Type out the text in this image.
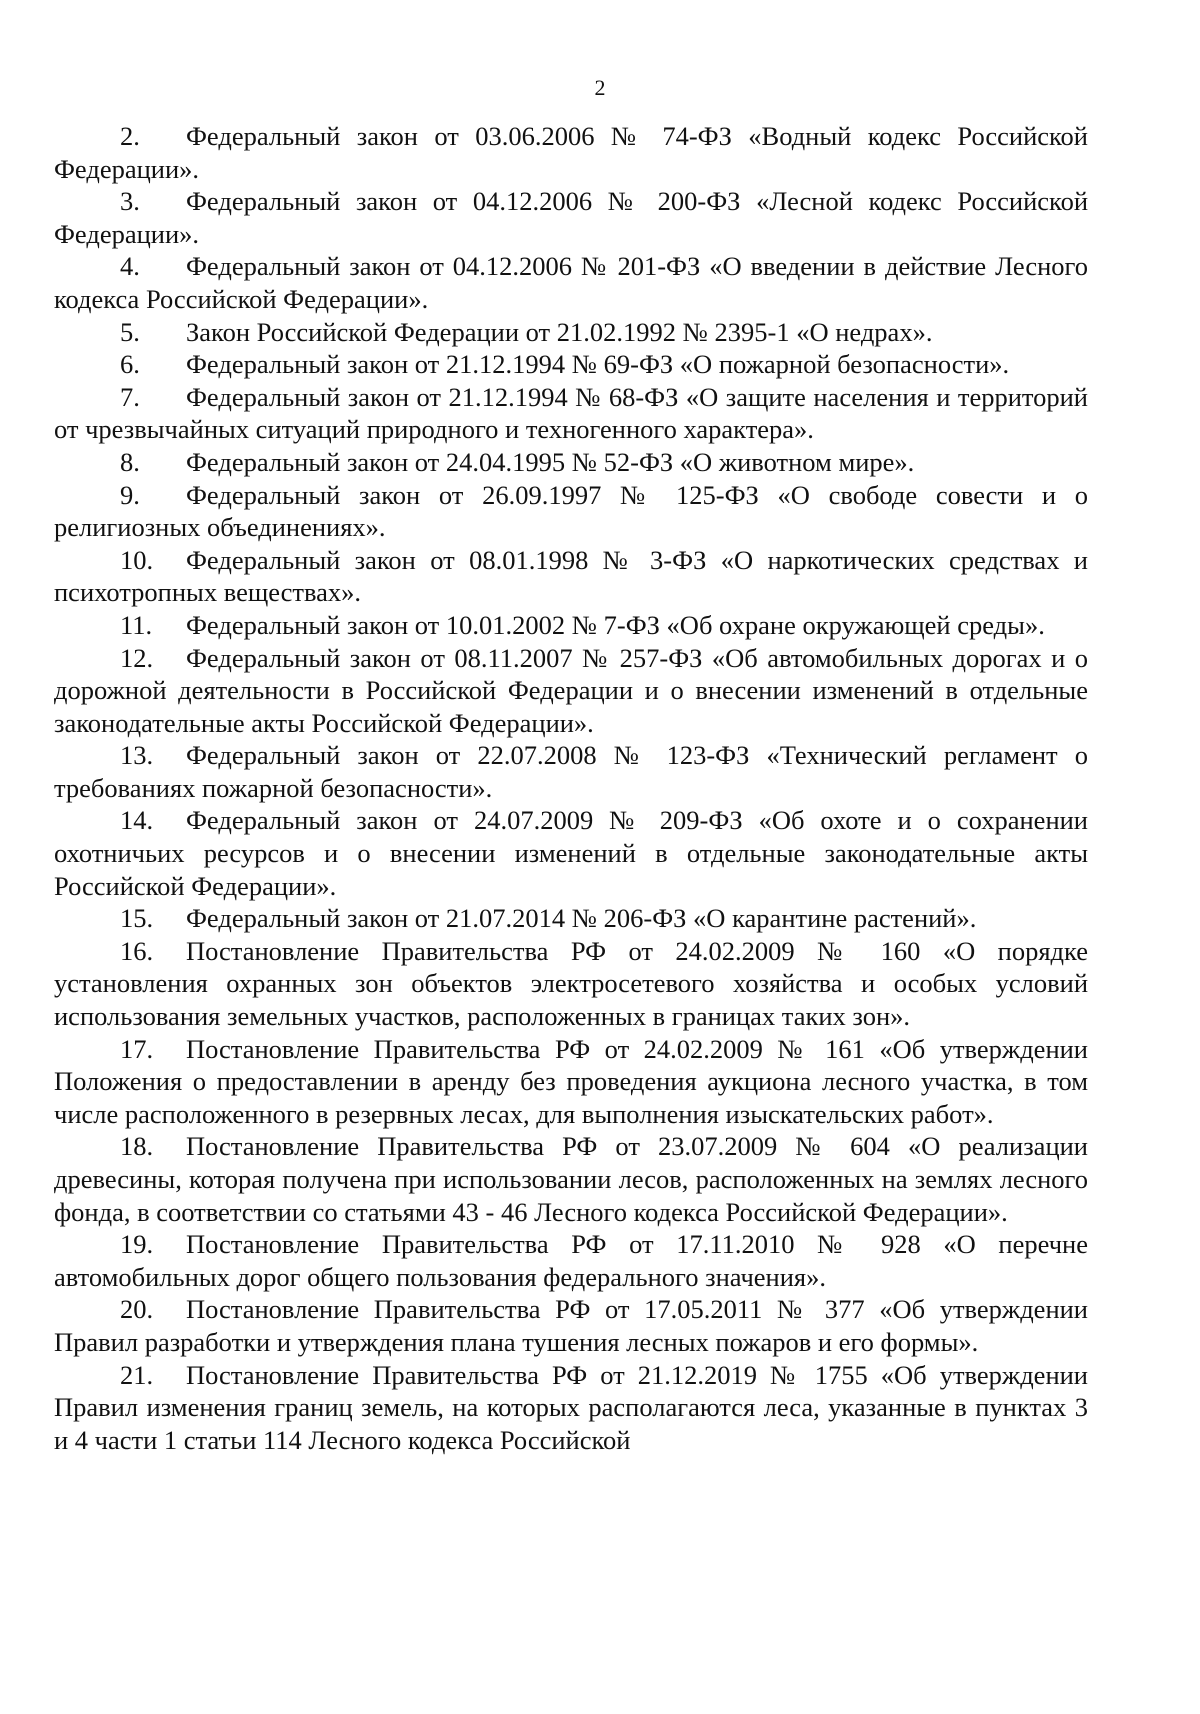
2
2. Федеральный закон от 03.06.2006 № 74-ФЗ «Водный кодекс Российской Федерации».
3. Федеральный закон от 04.12.2006 № 200-ФЗ «Лесной кодекс Российской Федерации».
4. Федеральный закон от 04.12.2006 № 201-ФЗ «О введении в действие Лесного кодекса Российской Федерации».
5. Закон Российской Федерации от 21.02.1992 № 2395-1 «О недрах».
6. Федеральный закон от 21.12.1994 № 69-ФЗ «О пожарной безопасности».
7. Федеральный закон от 21.12.1994 № 68-ФЗ «О защите населения и территорий от чрезвычайных ситуаций природного и техногенного характера».
8. Федеральный закон от 24.04.1995 № 52-ФЗ «О животном мире».
9. Федеральный закон от 26.09.1997 № 125-ФЗ «О свободе совести и о религиозных объединениях».
10. Федеральный закон от 08.01.1998 № 3-ФЗ «О наркотических средствах и психотропных веществах».
11. Федеральный закон от 10.01.2002 № 7-ФЗ «Об охране окружающей среды».
12. Федеральный закон от 08.11.2007 № 257-ФЗ «Об автомобильных дорогах и о дорожной деятельности в Российской Федерации и о внесении изменений в отдельные законодательные акты Российской Федерации».
13. Федеральный закон от 22.07.2008 № 123-ФЗ «Технический регламент о требованиях пожарной безопасности».
14. Федеральный закон от 24.07.2009 № 209-ФЗ «Об охоте и о сохранении охотничьих ресурсов и о внесении изменений в отдельные законодательные акты Российской Федерации».
15. Федеральный закон от 21.07.2014 № 206-ФЗ «О карантине растений».
16. Постановление Правительства РФ от 24.02.2009 № 160 «О порядке установления охранных зон объектов электросетевого хозяйства и особых условий использования земельных участков, расположенных в границах таких зон».
17. Постановление Правительства РФ от 24.02.2009 № 161 «Об утверждении Положения о предоставлении в аренду без проведения аукциона лесного участка, в том числе расположенного в резервных лесах, для выполнения изыскательских работ».
18. Постановление Правительства РФ от 23.07.2009 № 604 «О реализации древесины, которая получена при использовании лесов, расположенных на землях лесного фонда, в соответствии со статьями 43 - 46 Лесного кодекса Российской Федерации».
19. Постановление Правительства РФ от 17.11.2010 № 928 «О перечне автомобильных дорог общего пользования федерального значения».
20. Постановление Правительства РФ от 17.05.2011 № 377 «Об утверждении Правил разработки и утверждения плана тушения лесных пожаров и его формы».
21. Постановление Правительства РФ от 21.12.2019 № 1755 «Об утверждении Правил изменения границ земель, на которых располагаются леса, указанные в пунктах 3 и 4 части 1 статьи 114 Лесного кодекса Российской
